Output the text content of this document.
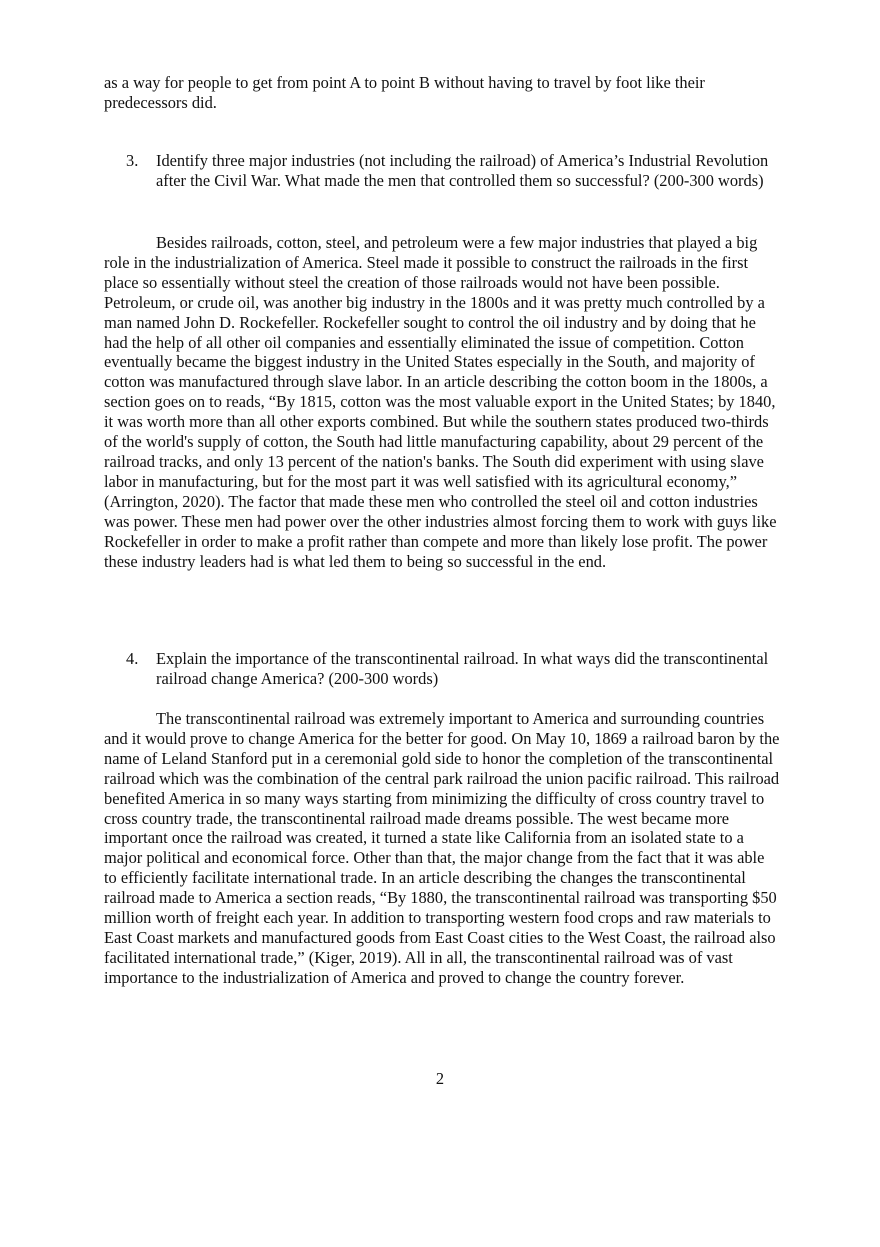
as a way for people to get from point A to point B without having to travel by foot like their predecessors did.

3. Identify three major industries (not including the railroad) of America’s Industrial Revolution after the Civil War. What made the men that controlled them so successful? (200-300 words)

Besides railroads, cotton, steel, and petroleum were a few major industries that played a big role in the industrialization of America. Steel made it possible to construct the railroads in the first place so essentially without steel the creation of those railroads would not have been possible. Petroleum, or crude oil, was another big industry in the 1800s and it was pretty much controlled by a man named John D. Rockefeller. Rockefeller sought to control the oil industry and by doing that he had the help of all other oil companies and essentially eliminated the issue of competition. Cotton eventually became the biggest industry in the United States especially in the South, and majority of cotton was manufactured through slave labor. In an article describing the cotton boom in the 1800s, a section goes on to reads, “By 1815, cotton was the most valuable export in the United States; by 1840, it was worth more than all other exports combined. But while the southern states produced two-thirds of the world's supply of cotton, the South had little manufacturing capability, about 29 percent of the railroad tracks, and only 13 percent of the nation's banks. The South did experiment with using slave labor in manufacturing, but for the most part it was well satisfied with its agricultural economy,” (Arrington, 2020). The factor that made these men who controlled the steel oil and cotton industries was power. These men had power over the other industries almost forcing them to work with guys like Rockefeller in order to make a profit rather than compete and more than likely lose profit. The power these industry leaders had is what led them to being so successful in the end.

4. Explain the importance of the transcontinental railroad. In what ways did the transcontinental railroad change America? (200-300 words)

The transcontinental railroad was extremely important to America and surrounding countries and it would prove to change America for the better for good. On May 10, 1869 a railroad baron by the name of Leland Stanford put in a ceremonial gold side to honor the completion of the transcontinental railroad which was the combination of the central park railroad the union pacific railroad. This railroad benefited America in so many ways starting from minimizing the difficulty of cross country travel to cross country trade, the transcontinental railroad made dreams possible. The west became more important once the railroad was created, it turned a state like California from an isolated state to a major political and economical force. Other than that, the major change from the fact that it was able to efficiently facilitate international trade. In an article describing the changes the transcontinental railroad made to America a section reads, “By 1880, the transcontinental railroad was transporting $50 million worth of freight each year. In addition to transporting western food crops and raw materials to East Coast markets and manufactured goods from East Coast cities to the West Coast, the railroad also facilitated international trade,” (Kiger, 2019). All in all, the transcontinental railroad was of vast importance to the industrialization of America and proved to change the country forever.

2
